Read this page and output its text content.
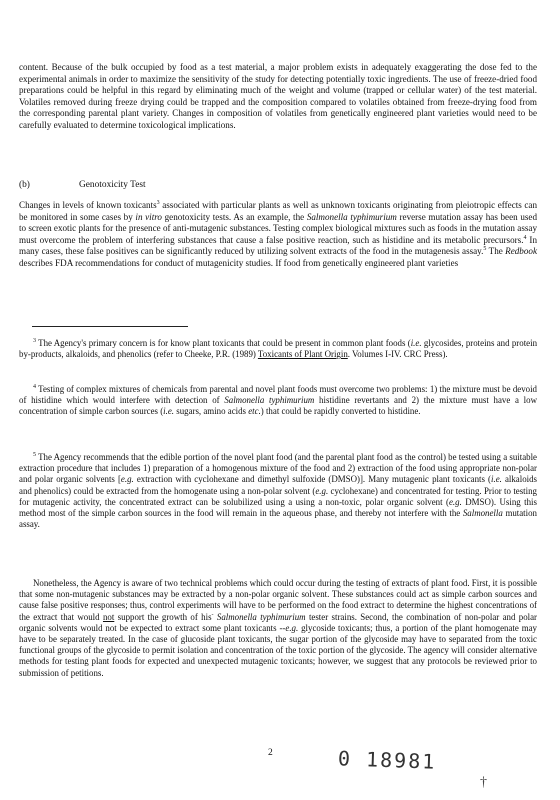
content. Because of the bulk occupied by food as a test material, a major problem exists in adequately exaggerating the dose fed to the experimental animals in order to maximize the sensitivity of the study for detecting potentially toxic ingredients. The use of freeze-dried food preparations could be helpful in this regard by eliminating much of the weight and volume (trapped or cellular water) of the test material. Volatiles removed during freeze drying could be trapped and the composition compared to volatiles obtained from freeze-drying food from the corresponding parental plant variety. Changes in composition of volatiles from genetically engineered plant varieties would need to be carefully evaluated to determine toxicological implications.

(b)	Genotoxicity Test

Changes in levels of known toxicants$^3$ associated with particular plants as well as unknown toxicants originating from pleiotropic effects can be monitored in some cases by in vitro genotoxicity tests. As an example, the Salmonella typhimurium reverse mutation assay has been used to screen exotic plants for the presence of anti-mutagenic substances. Testing complex biological mixtures such as foods in the mutation assay must overcome the problem of interfering substances that cause a false positive reaction, such as histidine and its metabolic precursors.$^4$ In many cases, these false positives can be significantly reduced by utilizing solvent extracts of the food in the mutagenesis assay.$^5$ The Redbook describes FDA recommendations for conduct of mutagenicity studies. If food from genetically engineered plant varieties

$^3$ The Agency's primary concern is for know plant toxicants that could be present in common plant foods (i.e. glycosides, proteins and protein by-products, alkaloids, and phenolics (refer to Cheeke, P.R. (1989) Toxicants of Plant Origin. Volumes I-IV. CRC Press).

$^4$ Testing of complex mixtures of chemicals from parental and novel plant foods must overcome two problems: 1) the mixture must be devoid of histidine which would interfere with detection of Salmonella typhimurium histidine revertants and 2) the mixture must have a low concentration of simple carbon sources (i.e. sugars, amino acids etc.) that could be rapidly converted to histidine.

$^5$ The Agency recommends that the edible portion of the novel plant food (and the parental plant food as the control) be tested using a suitable extraction procedure that includes 1) preparation of a homogenous mixture of the food and 2) extraction of the food using appropriate non-polar and polar organic solvents [e.g. extraction with cyclohexane and dimethyl sulfoxide (DMSO)]. Many mutagenic plant toxicants (i.e. alkaloids and phenolics) could be extracted from the homogenate using a non-polar solvent (e.g. cyclohexane) and concentrated for testing. Prior to testing for mutagenic activity, the concentrated extract can be solubilized using a using a non-toxic, polar organic solvent (e.g. DMSO). Using this method most of the simple carbon sources in the food will remain in the aqueous phase, and thereby not interfere with the Salmonella mutation assay.

Nonetheless, the Agency is aware of two technical problems which could occur during the testing of extracts of plant food. First, it is possible that some non-mutagenic substances may be extracted by a non-polar organic solvent. These substances could act as simple carbon sources and cause false positive responses; thus, control experiments will have to be performed on the food extract to determine the highest concentrations of the extract that would not support the growth of his- Salmonella typhimurium tester strains. Second, the combination of non-polar and polar organic solvents would not be expected to extract some plant toxicants --e.g. glycoside toxicants; thus, a portion of the plant homogenate may have to be separately treated. In the case of glucoside plant toxicants, the sugar portion of the glycoside may have to separated from the toxic functional groups of the glycoside to permit isolation and concentration of the toxic portion of the glycoside. The agency will consider alternative methods for testing plant foods for expected and unexpected mutagenic toxicants; however, we suggest that any protocols be reviewed prior to submission of petitions.

2	0 18981
†
